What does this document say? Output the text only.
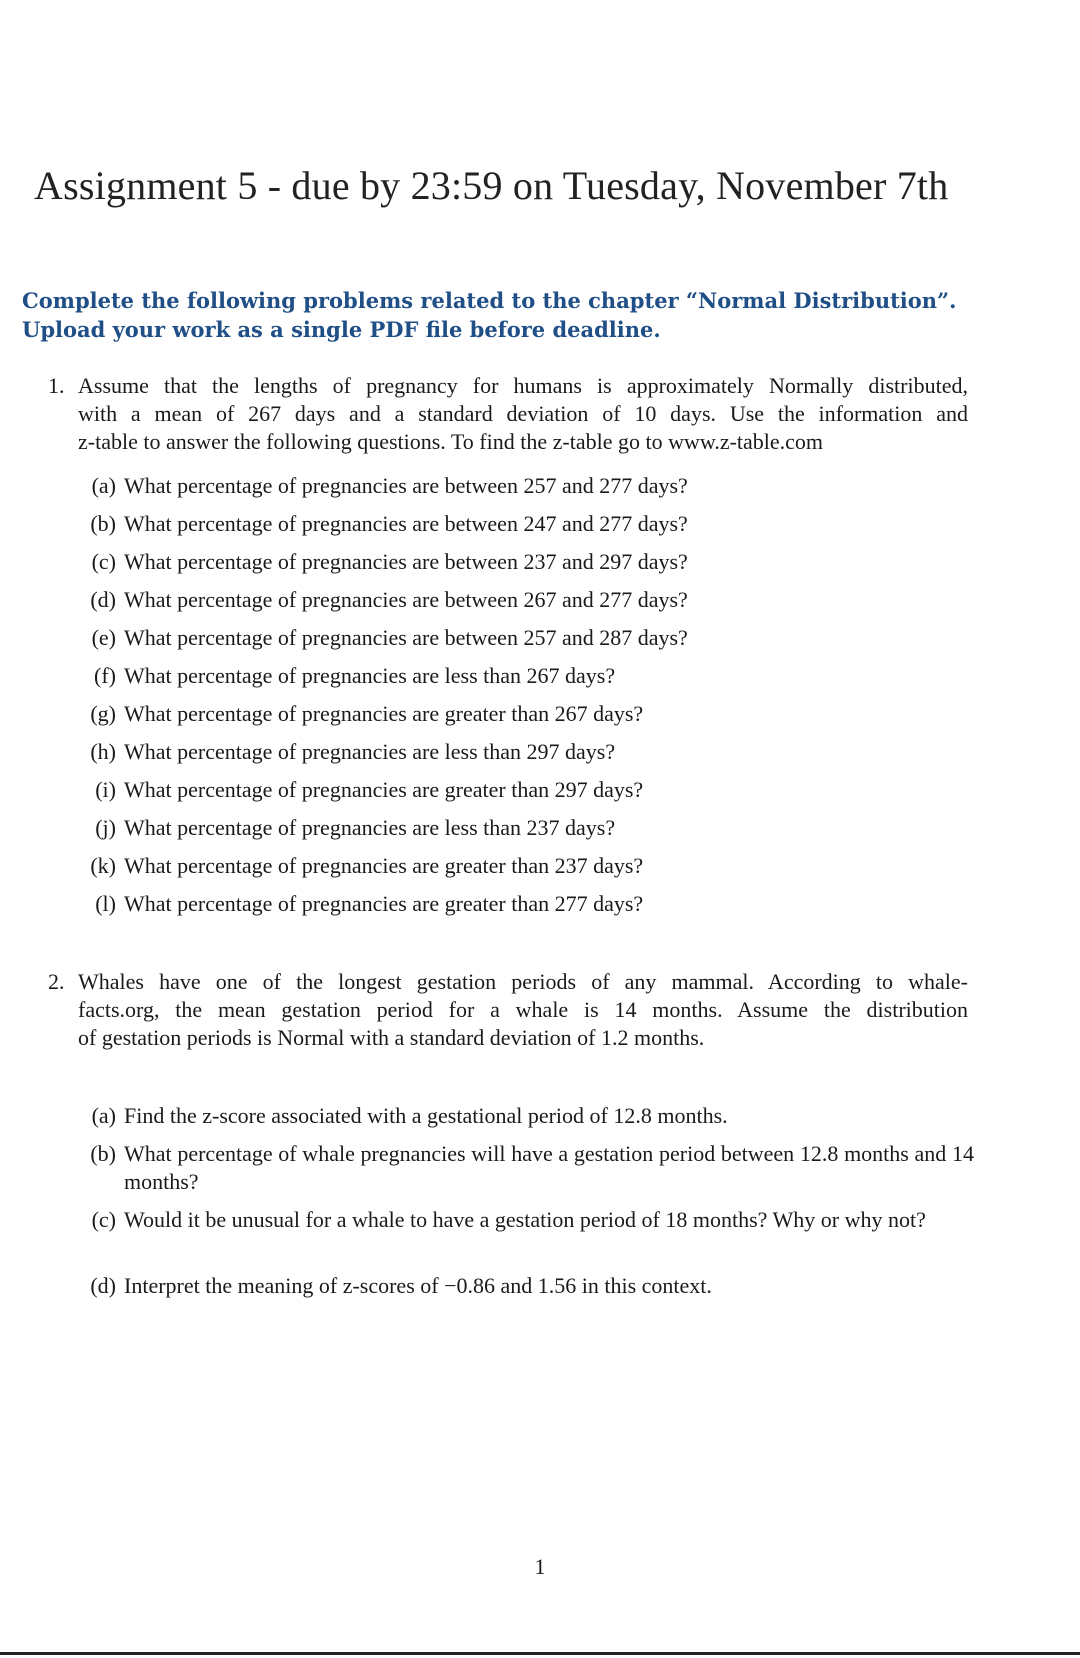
Assignment 5 - due by 23:59 on Tuesday, November 7th
Complete the following problems related to the chapter “Normal Distribution”.
Upload your work as a single PDF file before deadline.
1. Assume that the lengths of pregnancy for humans is approximately Normally distributed,
with a mean of 267 days and a standard deviation of 10 days. Use the information and
z-table to answer the following questions. To find the z-table go to www.z-table.com
(a) What percentage of pregnancies are between 257 and 277 days?
(b) What percentage of pregnancies are between 247 and 277 days?
(c) What percentage of pregnancies are between 237 and 297 days?
(d) What percentage of pregnancies are between 267 and 277 days?
(e) What percentage of pregnancies are between 257 and 287 days?
(f) What percentage of pregnancies are less than 267 days?
(g) What percentage of pregnancies are greater than 267 days?
(h) What percentage of pregnancies are less than 297 days?
(i) What percentage of pregnancies are greater than 297 days?
(j) What percentage of pregnancies are less than 237 days?
(k) What percentage of pregnancies are greater than 237 days?
(l) What percentage of pregnancies are greater than 277 days?
2. Whales have one of the longest gestation periods of any mammal. According to whale-
facts.org, the mean gestation period for a whale is 14 months. Assume the distribution
of gestation periods is Normal with a standard deviation of 1.2 months.
(a) Find the z-score associated with a gestational period of 12.8 months.
(b) What percentage of whale pregnancies will have a gestation period between 12.8 months and 14 months?
(c) Would it be unusual for a whale to have a gestation period of 18 months? Why or why not?
(d) Interpret the meaning of z-scores of −0.86 and 1.56 in this context.
1
